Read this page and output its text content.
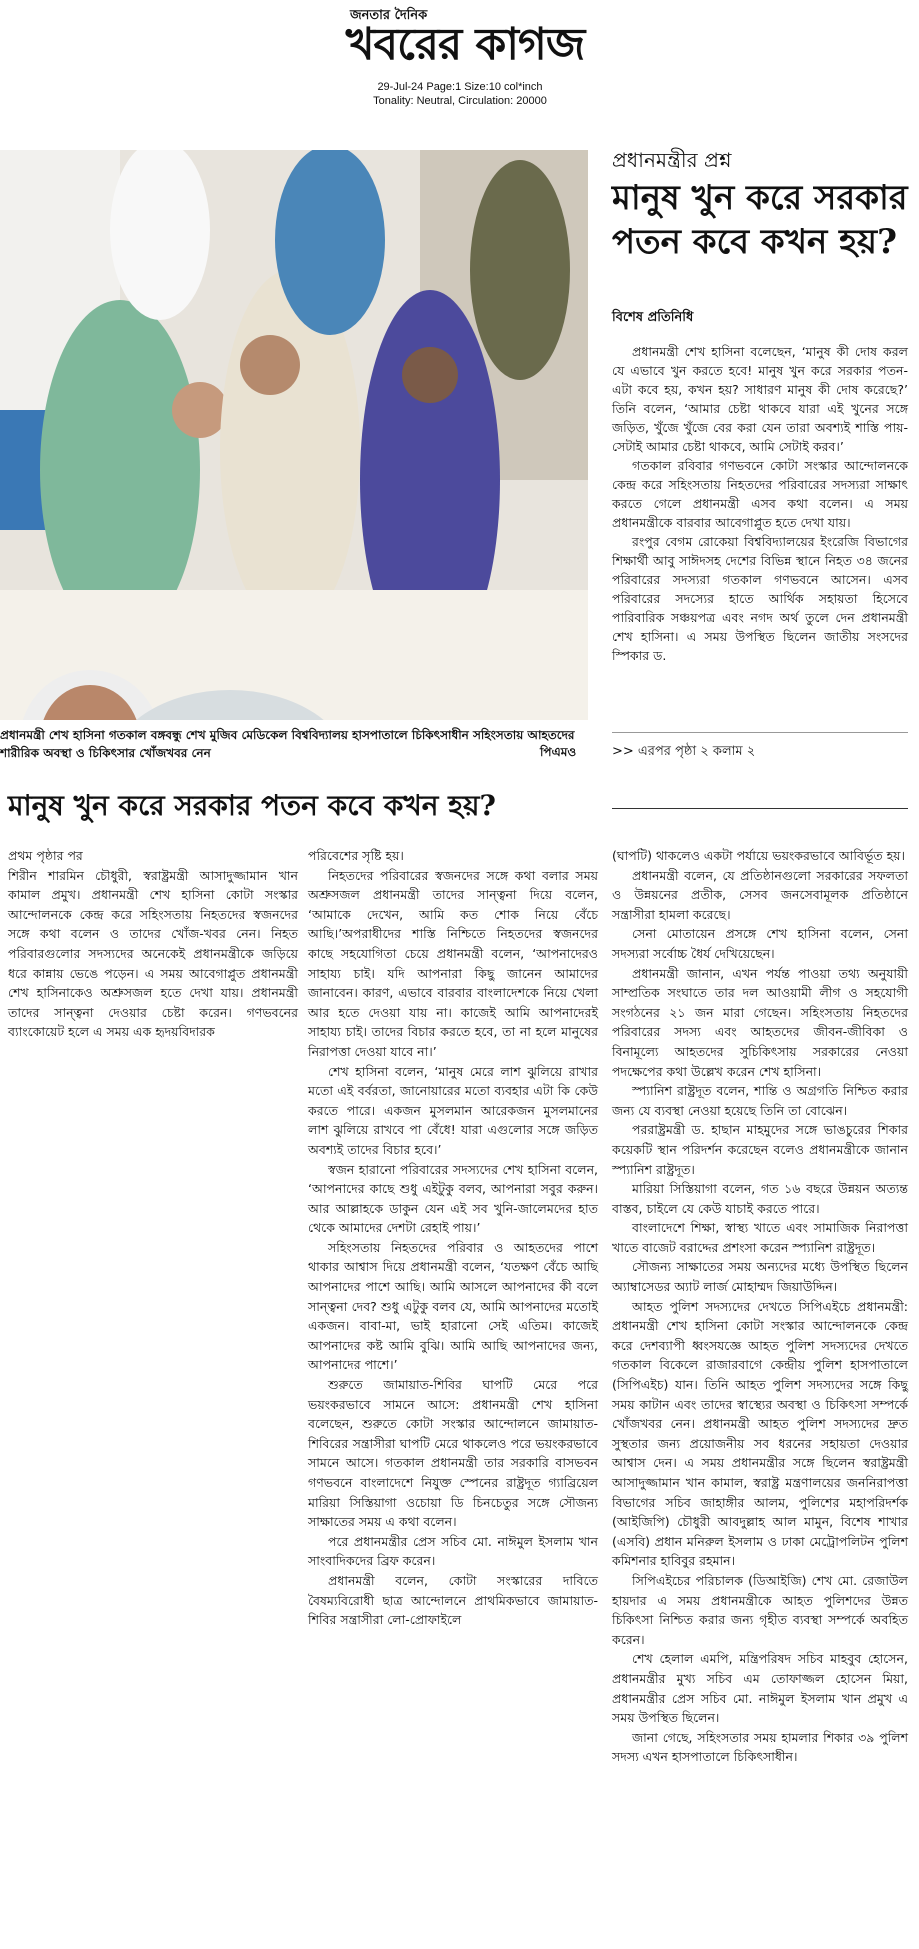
জনতার দৈনিক
খবরের কাগজ
29-Jul-24 Page:1 Size:10 col*inch
Tonality: Neutral, Circulation: 20000
প্রধানমন্ত্রী শেখ হাসিনা গতকাল বঙ্গবন্ধু শেখ মুজিব মেডিকেল বিশ্ববিদ্যালয় হাসপাতালে চিকিৎসাধীন সহিংসতায় আহতদের শারীরিক অবস্থা ও চিকিৎসার খোঁজখবর নেন	পিএমও
প্রধানমন্ত্রীর প্রশ্ন
মানুষ খুন করে সরকার পতন কবে কখন হয়?
বিশেষ প্রতিনিধি

প্রধানমন্ত্রী শেখ হাসিনা বলেছেন, ‘মানুষ কী দোষ করল যে এভাবে খুন করতে হবে! মানুষ খুন করে সরকার পতন- এটা কবে হয়, কখন হয়? সাধারণ মানুষ কী দোষ করেছে?’ তিনি বলেন, ‘আমার চেষ্টা থাকবে যারা এই খুনের সঙ্গে জড়িত, খুঁজে খুঁজে বের করা যেন তারা অবশ্যই শাস্তি পায়- সেটাই আমার চেষ্টা থাকবে, আমি সেটাই করব।’

গতকাল রবিবার গণভবনে কোটা সংস্কার আন্দোলনকে কেন্দ্র করে সহিংসতায় নিহতদের পরিবারের সদস্যরা সাক্ষাৎ করতে গেলে প্রধানমন্ত্রী এসব কথা বলেন। এ সময় প্রধানমন্ত্রীকে বারবার আবেগাপ্লুত হতে দেখা যায়।

রংপুর বেগম রোকেয়া বিশ্ববিদ্যালয়ের ইংরেজি বিভাগের শিক্ষার্থী আবু সাঈদসহ দেশের বিভিন্ন স্থানে নিহত ৩৪ জনের পরিবারের সদস্যরা গতকাল গণভবনে আসেন। এসব পরিবারের সদস্যের হাতে আর্থিক সহায়তা হিসেবে পারিবারিক সঞ্চয়পত্র এবং নগদ অর্থ তুলে দেন প্রধানমন্ত্রী শেখ হাসিনা। এ সময় উপস্থিত ছিলেন জাতীয় সংসদের স্পিকার ড.

>> এরপর পৃষ্ঠা ২ কলাম ২
মানুষ খুন করে সরকার পতন কবে কখন হয়?

প্রথম পৃষ্ঠার পর

শিরীন শারমিন চৌধুরী, স্বরাষ্ট্রমন্ত্রী আসাদুজ্জামান খান কামাল প্রমুখ। প্রধানমন্ত্রী শেখ হাসিনা কোটা সংস্কার আন্দোলনকে কেন্দ্র করে সহিংসতায় নিহতদের স্বজনদের সঙ্গে কথা বলেন ও তাদের খোঁজ-খবর নেন। নিহত পরিবারগুলোর সদস্যদের অনেকেই প্রধানমন্ত্রীকে জড়িয়ে ধরে কান্নায় ভেঙে পড়েন। এ সময় আবেগাপ্লুত প্রধানমন্ত্রী শেখ হাসিনাকেও অশ্রুসজল হতে দেখা যায়। প্রধানমন্ত্রী তাদের সান্ত্বনা দেওয়ার চেষ্টা করেন। গণভবনের ব্যাংকোয়েট হলে এ সময় এক হৃদয়বিদারক

পরিবেশের সৃষ্টি হয়।

নিহতদের পরিবারের স্বজনদের সঙ্গে কথা বলার সময় অশ্রুসজল প্রধানমন্ত্রী তাদের সান্ত্বনা দিয়ে বলেন, ‘আমাকে দেখেন, আমি কত শোক নিয়ে বেঁচে আছি।’অপরাধীদের শাস্তি নিশ্চিতে নিহতদের স্বজনদের কাছে সহযোগিতা চেয়ে প্রধানমন্ত্রী বলেন, ‘আপনাদেরও সাহায্য চাই। যদি আপনারা কিছু জানেন আমাদের জানাবেন। কারণ, এভাবে বারবার বাংলাদেশকে নিয়ে খেলা আর হতে দেওয়া যায় না। কাজেই আমি আপনাদেরই সাহায্য চাই। তাদের বিচার করতে হবে, তা না হলে মানুষের নিরাপত্তা দেওয়া যাবে না।’

শেখ হাসিনা বলেন, ‘মানুষ মেরে লাশ ঝুলিয়ে রাখার মতো এই বর্বরতা, জানোয়ারের মতো ব্যবহার এটা কি কেউ করতে পারে। একজন মুসলমান আরেকজন মুসলমানের লাশ ঝুলিয়ে রাখবে পা বেঁধে! যারা এগুলোর সঙ্গে জড়িত অবশ্যই তাদের বিচার হবে।’

স্বজন হারানো পরিবারের সদস্যদের শেখ হাসিনা বলেন, ‘আপনাদের কাছে শুধু এইটুকু বলব, আপনারা সবুর করুন। আর আল্লাহকে ডাকুন যেন এই সব খুনি-জালেমদের হাত থেকে আমাদের দেশটা রেহাই পায়।’

সহিংসতায় নিহতদের পরিবার ও আহতদের পাশে থাকার আশ্বাস দিয়ে প্রধানমন্ত্রী বলেন, ‘যতক্ষণ বেঁচে আছি আপনাদের পাশে আছি। আমি আসলে আপনাদের কী বলে সান্ত্বনা দেব? শুধু এটুকু বলব যে, আমি আপনাদের মতোই একজন। বাবা-মা, ভাই হারানো সেই এতিম। কাজেই আপনাদের কষ্ট আমি বুঝি। আমি আছি আপনাদের জন্য, আপনাদের পাশে।’

শুরুতে জামায়াত-শিবির ঘাপটি মেরে পরে ভয়ংকরভাবে সামনে আসে: প্রধানমন্ত্রী শেখ হাসিনা বলেছেন, শুরুতে কোটা সংস্কার আন্দোলনে জামায়াত-শিবিরের সন্ত্রাসীরা ঘাপটি মেরে থাকলেও পরে ভয়ংকরভাবে সামনে আসে। গতকাল প্রধানমন্ত্রী তার সরকারি বাসভবন গণভবনে বাংলাদেশে নিযুক্ত স্পেনের রাষ্ট্রদূত গ্যাব্রিয়েল মারিয়া সিস্তিয়াগা ওচোয়া ডি চিনচেতুর সঙ্গে সৌজন্য সাক্ষাতের সময় এ কথা বলেন।

পরে প্রধানমন্ত্রীর প্রেস সচিব মো. নাঈমুল ইসলাম খান সাংবাদিকদের ব্রিফ করেন।

প্রধানমন্ত্রী বলেন, কোটা সংস্কারের দাবিতে বৈষম্যবিরোধী ছাত্র আন্দোলনে প্রাথমিকভাবে জামায়াত-শিবির সন্ত্রাসীরা লো-প্রোফাইলে

(ঘাপটি) থাকলেও একটা পর্যায়ে ভয়ংকরভাবে আবির্ভূত হয়।

প্রধানমন্ত্রী বলেন, যে প্রতিষ্ঠানগুলো সরকারের সফলতা ও উন্নয়নের প্রতীক, সেসব জনসেবামূলক প্রতিষ্ঠানে সন্ত্রাসীরা হামলা করেছে।

সেনা মোতায়েন প্রসঙ্গে শেখ হাসিনা বলেন, সেনা সদস্যরা সর্বোচ্চ ধৈর্য দেখিয়েছেন।

প্রধানমন্ত্রী জানান, এখন পর্যন্ত পাওয়া তথ্য অনুযায়ী সাম্প্রতিক সংঘাতে তার দল আওয়ামী লীগ ও সহযোগী সংগঠনের ২১ জন মারা গেছেন। সহিংসতায় নিহতদের পরিবারের সদস্য এবং আহতদের জীবন-জীবিকা ও বিনামূল্যে আহতদের সুচিকিৎসায় সরকারের নেওয়া পদক্ষেপের কথা উল্লেখ করেন শেখ হাসিনা।

স্প্যানিশ রাষ্ট্রদূত বলেন, শান্তি ও অগ্রগতি নিশ্চিত করার জন্য যে ব্যবস্থা নেওয়া হয়েছে তিনি তা বোঝেন।

পররাষ্ট্রমন্ত্রী ড. হাছান মাহমুদের সঙ্গে ভাঙচুরের শিকার কয়েকটি স্থান পরিদর্শন করেছেন বলেও প্রধানমন্ত্রীকে জানান স্প্যানিশ রাষ্ট্রদূত।

মারিয়া সিস্তিয়াগা বলেন, গত ১৬ বছরে উন্নয়ন অত্যন্ত বাস্তব, চাইলে যে কেউ যাচাই করতে পারে।

বাংলাদেশে শিক্ষা, স্বাস্থ্য খাতে এবং সামাজিক নিরাপত্তা খাতে বাজেট বরাদ্দের প্রশংসা করেন স্প্যানিশ রাষ্ট্রদূত।

সৌজন্য সাক্ষাতের সময় অন্যদের মধ্যে উপস্থিত ছিলেন অ্যাম্বাসেডর অ্যাট লার্জ মোহাম্মদ জিয়াউদ্দিন।

আহত পুলিশ সদস্যদের দেখতে সিপিএইচে প্রধানমন্ত্রী: প্রধানমন্ত্রী শেখ হাসিনা কোটা সংস্কার আন্দোলনকে কেন্দ্র করে দেশব্যাপী ধ্বংসযজ্ঞে আহত পুলিশ সদস্যদের দেখতে গতকাল বিকেলে রাজারবাগে কেন্দ্রীয় পুলিশ হাসপাতালে (সিপিএইচ) যান। তিনি আহত পুলিশ সদস্যদের সঙ্গে কিছু সময় কাটান এবং তাদের স্বাস্থ্যের অবস্থা ও চিকিৎসা সম্পর্কে খোঁজখবর নেন। প্রধানমন্ত্রী আহত পুলিশ সদস্যদের দ্রুত সুস্থতার জন্য প্রয়োজনীয় সব ধরনের সহায়তা দেওয়ার আশ্বাস দেন। এ সময় প্রধানমন্ত্রীর সঙ্গে ছিলেন স্বরাষ্ট্রমন্ত্রী আসাদুজ্জামান খান কামাল, স্বরাষ্ট্র মন্ত্রণালয়ের জননিরাপত্তা বিভাগের সচিব জাহাঙ্গীর আলম, পুলিশের মহাপরিদর্শক (আইজিপি) চৌধুরী আবদুল্লাহ আল মামুন, বিশেষ শাখার (এসবি) প্রধান মনিরুল ইসলাম ও ঢাকা মেট্রোপলিটন পুলিশ কমিশনার হাবিবুর রহমান।

সিপিএইচের পরিচালক (ডিআইজি) শেখ মো. রেজাউল হায়দার এ সময় প্রধানমন্ত্রীকে আহত পুলিশদের উন্নত চিকিৎসা নিশ্চিত করার জন্য গৃহীত ব্যবস্থা সম্পর্কে অবহিত করেন।

শেখ হেলাল এমপি, মন্ত্রিপরিষদ সচিব মাহবুব হোসেন, প্রধানমন্ত্রীর মুখ্য সচিব এম তোফাজ্জল হোসেন মিয়া, প্রধানমন্ত্রীর প্রেস সচিব মো. নাঈমুল ইসলাম খান প্রমুখ এ সময় উপস্থিত ছিলেন।

জানা গেছে, সহিংসতার সময় হামলার শিকার ৩৯ পুলিশ সদস্য এখন হাসপাতালে চিকিৎসাধীন।
